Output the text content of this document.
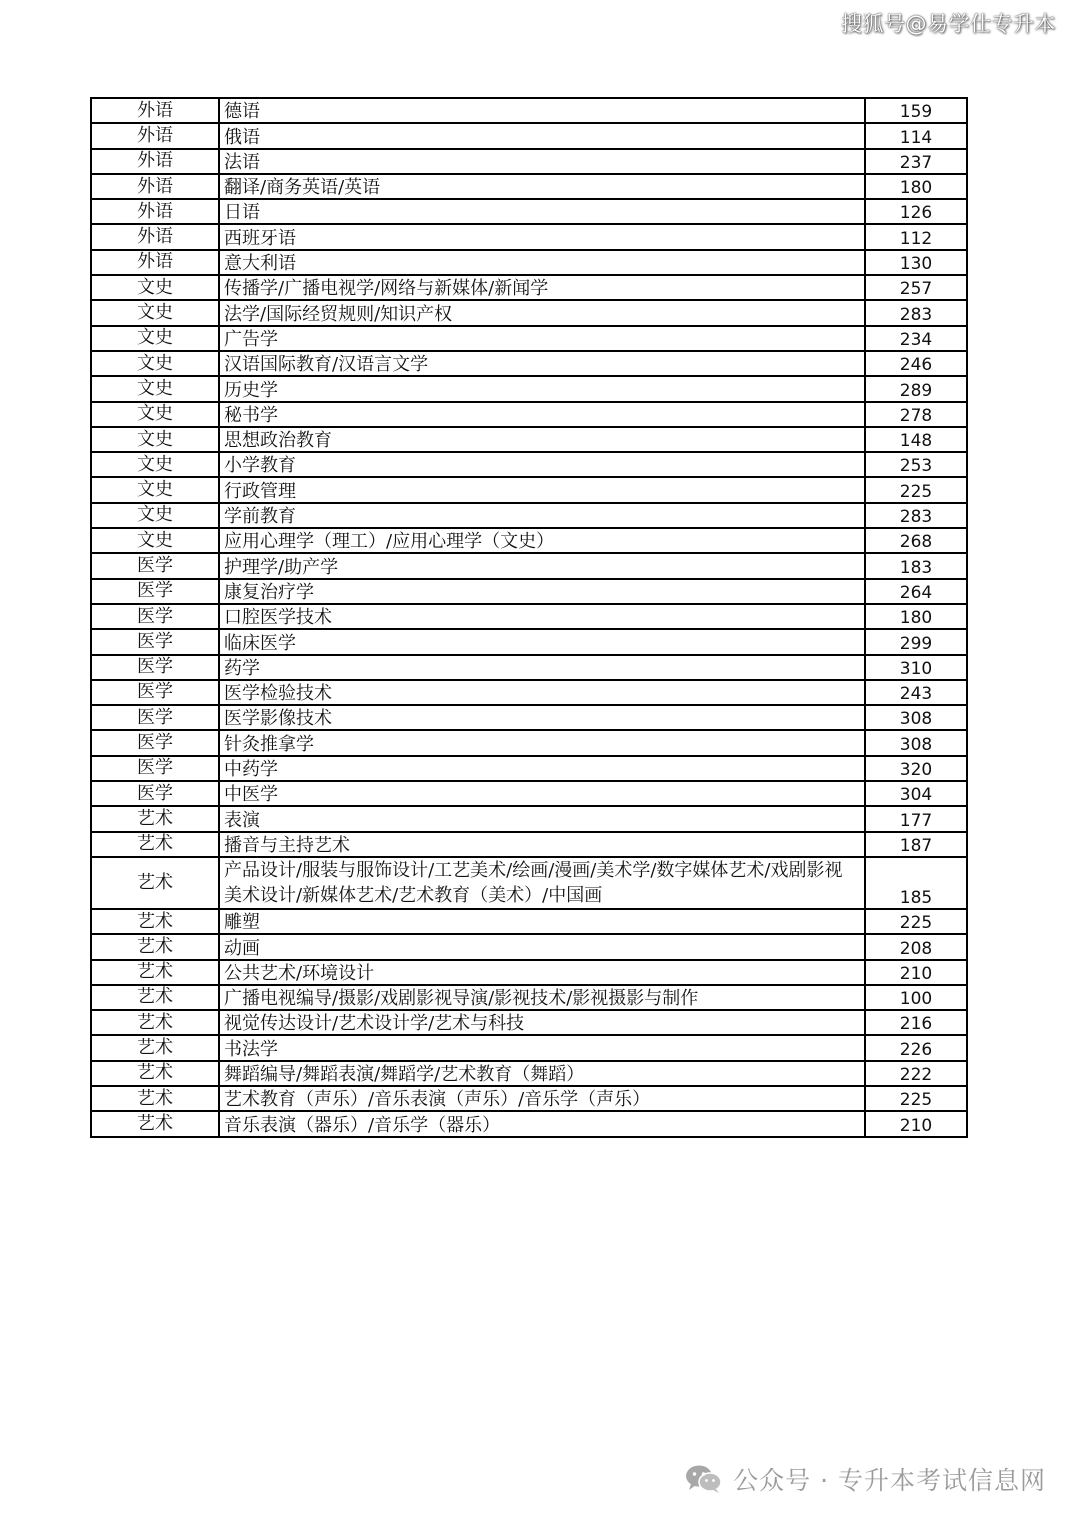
搜狐号@易学仕专升本
外语	德语	159
外语	俄语	114
外语	法语	237
外语	翻译/商务英语/英语	180
外语	日语	126
外语	西班牙语	112
外语	意大利语	130
文史	传播学/广播电视学/网络与新媒体/新闻学	257
文史	法学/国际经贸规则/知识产权	283
文史	广告学	234
文史	汉语国际教育/汉语言文学	246
文史	历史学	289
文史	秘书学	278
文史	思想政治教育	148
文史	小学教育	253
文史	行政管理	225
文史	学前教育	283
文史	应用心理学（理工）/应用心理学（文史）	268
医学	护理学/助产学	183
医学	康复治疗学	264
医学	口腔医学技术	180
医学	临床医学	299
医学	药学	310
医学	医学检验技术	243
医学	医学影像技术	308
医学	针灸推拿学	308
医学	中药学	320
医学	中医学	304
艺术	表演	177
艺术	播音与主持艺术	187
艺术	产品设计/服装与服饰设计/工艺美术/绘画/漫画/美术学/数字媒体艺术/戏剧影视美术设计/新媒体艺术/艺术教育（美术）/中国画	185
艺术	雕塑	225
艺术	动画	208
艺术	公共艺术/环境设计	210
艺术	广播电视编导/摄影/戏剧影视导演/影视技术/影视摄影与制作	100
艺术	视觉传达设计/艺术设计学/艺术与科技	216
艺术	书法学	226
艺术	舞蹈编导/舞蹈表演/舞蹈学/艺术教育（舞蹈）	222
艺术	艺术教育（声乐）/音乐表演（声乐）/音乐学（声乐）	225
艺术	音乐表演（器乐）/音乐学（器乐）	210
公众号 · 专升本考试信息网
